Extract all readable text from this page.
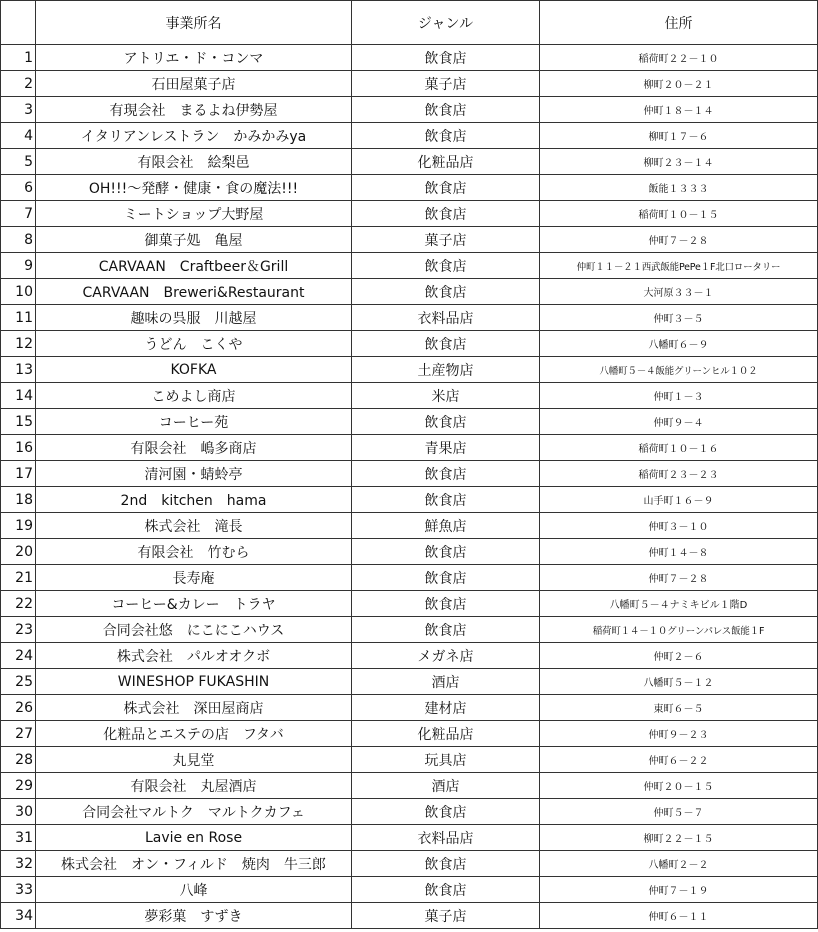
	事業所名	ジャンル	住所
1	アトリエ・ド・コンマ	飲食店	稲荷町２２－１０
2	石田屋菓子店	菓子店	柳町２０－２１
3	有現会社　まるよね伊勢屋	飲食店	仲町１８－１４
4	イタリアンレストラン　かみかみya	飲食店	柳町１７－６
5	有限会社　絵梨邑	化粧品店	柳町２３－１４
6	OH!!!～発酵・健康・食の魔法!!!	飲食店	飯能１３３３
7	ミートショップ大野屋	飲食店	稲荷町１０－１５
8	御菓子処　亀屋	菓子店	仲町７－２８
9	CARVAAN　Craftbeer＆Grill	飲食店	仲町１１－２１西武飯能PePe１F北口ロータリー
10	CARVAAN　Breweri&Restaurant	飲食店	大河原３３－１
11	趣味の呉服　川越屋	衣料品店	仲町３－５
12	うどん　こくや	飲食店	八幡町６－９
13	KOFKA	土産物店	八幡町５－４飯能グリーンヒル１０２
14	こめよし商店	米店	仲町１－３
15	コーヒー苑	飲食店	仲町９－４
16	有限会社　嶋多商店	青果店	稲荷町１０－１６
17	清河園・蜻蛉亭	飲食店	稲荷町２３－２３
18	2nd　kitchen　hama	飲食店	山手町１６－９
19	株式会社　滝長	鮮魚店	仲町３－１０
20	有限会社　竹むら	飲食店	仲町１４－８
21	長寿庵	飲食店	仲町７－２８
22	コーヒー&カレー　トラヤ	飲食店	八幡町５－４ナミキビル１階D
23	合同会社悠　にこにこハウス	飲食店	稲荷町１４－１０グリーンパレス飯能１F
24	株式会社　パルオオクボ	メガネ店	仲町２－６
25	WINESHOP FUKASHIN	酒店	八幡町５－１２
26	株式会社　深田屋商店	建材店	東町６－５
27	化粧品とエステの店　フタバ	化粧品店	仲町９－２３
28	丸見堂	玩具店	仲町６－２２
29	有限会社　丸屋酒店	酒店	仲町２０－１５
30	合同会社マルトク　マルトクカフェ	飲食店	仲町５－７
31	Lavie en Rose	衣料品店	柳町２２－１５
32	株式会社　オン・フィルド　焼肉　牛三郎	飲食店	八幡町２－２
33	八峰	飲食店	仲町７－１９
34	夢彩菓　すずき	菓子店	仲町６－１１
